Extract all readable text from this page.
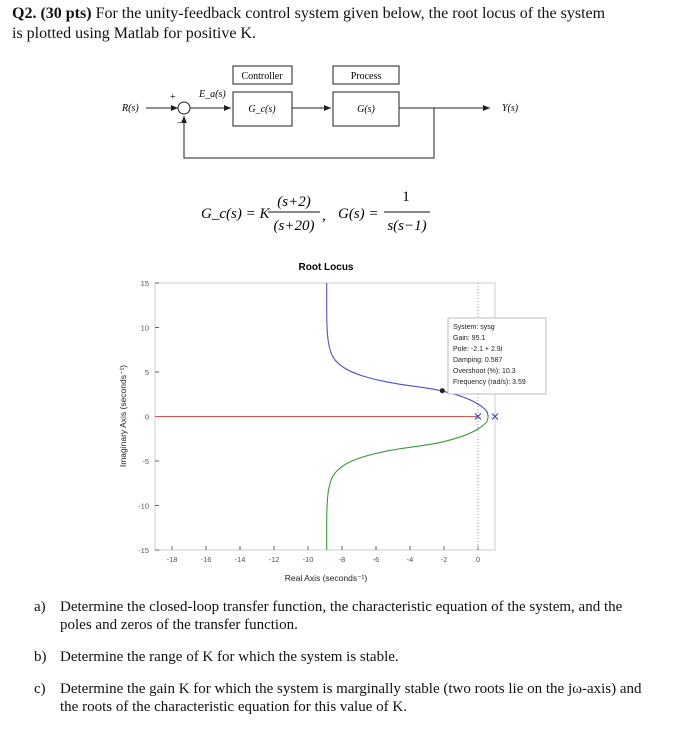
Q2. (30 pts) For the unity-feedback control system given below, the root locus of the system
is plotted using Matlab for positive K.
R(s)
+
−
E_a(s)
Controller
G_c(s)
Process
G(s)	Y(s)
G_c(s) = K
(s+2)
(s+20)
, G(s) =
1
s(s−1)
Root Locus
-15
-10
-5
0
5
10
15
-18	-16	-14	-12	-10	-8	-6	-4	-2	0
Real Axis (seconds⁻¹)
Imaginary Axis (seconds⁻¹)
System: sysg
Gain: 95.1
Pole: -2.1 + 2.9i
Damping: 0.587
Overshoot (%): 10.3
Frequency (rad/s): 3.59
a) Determine the closed-loop transfer function, the characteristic equation of the system, and the poles and zeros of the transfer function.
b) Determine the range of K for which the system is stable.
c) Determine the gain K for which the system is marginally stable (two roots lie on the jω-axis) and the roots of the characteristic equation for this value of K.
